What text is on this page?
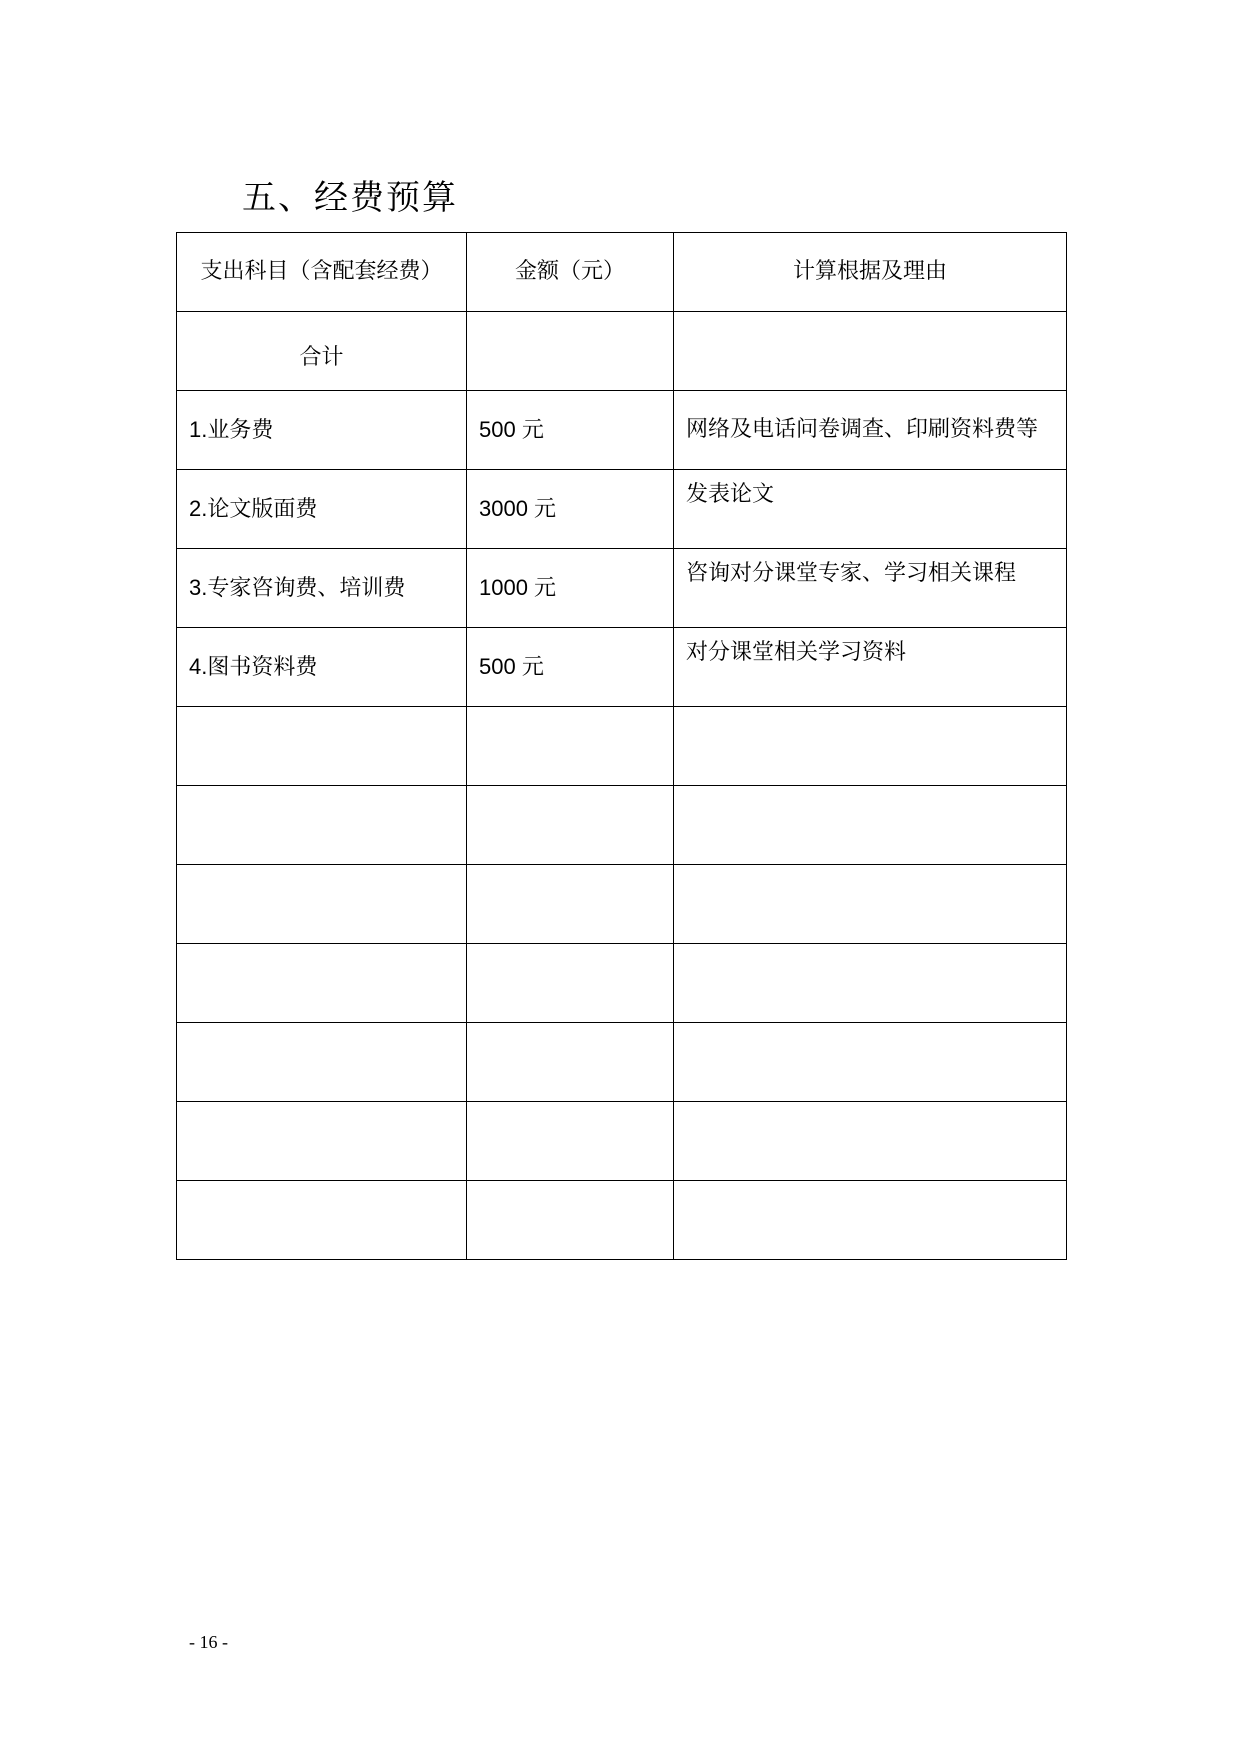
五、经费预算
支出科目（含配套经费）	金额（元）	计算根据及理由
合计		
1.业务费	500 元	网络及电话问卷调查、印刷资料费等
2.论文版面费	3000 元	发表论文
3.专家咨询费、培训费	1000 元	咨询对分课堂专家、学习相关课程
4.图书资料费	500 元	对分课堂相关学习资料

- 16 -
